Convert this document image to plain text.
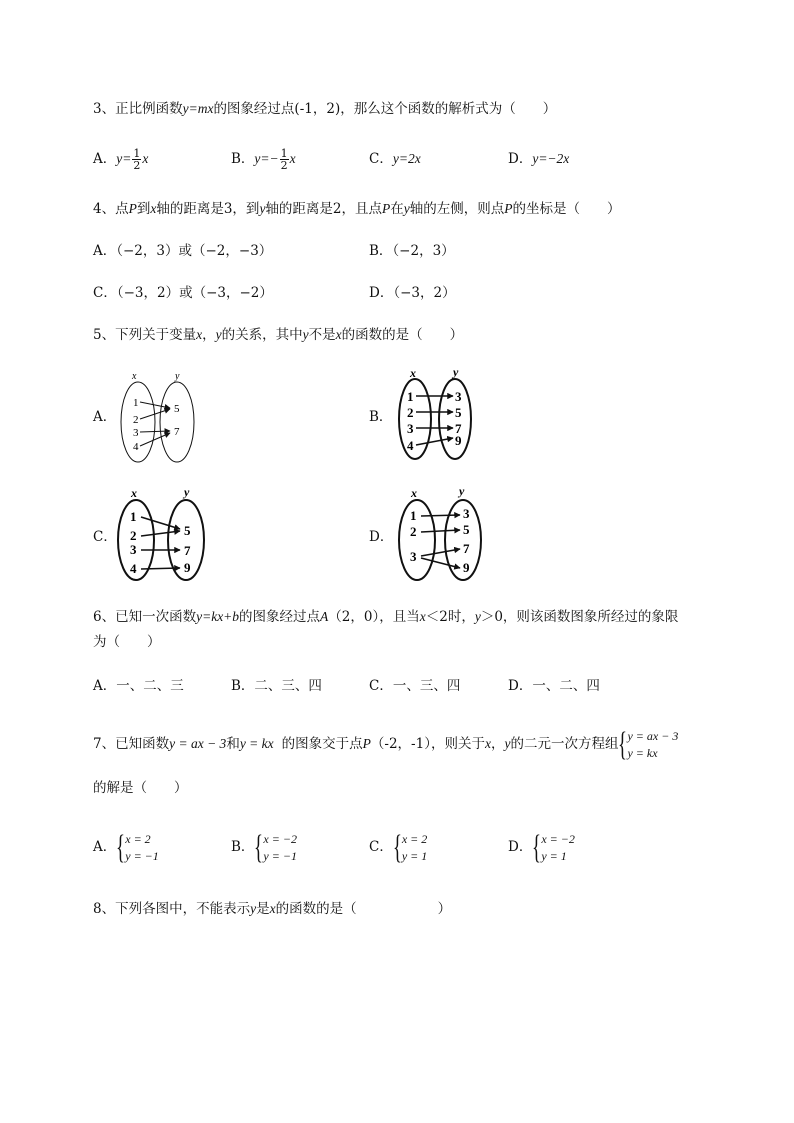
3、正比例函数y=mx的图象经过点(-1，2)，那么这个函数的解析式为（　　）
A．$y= \frac{1}{2}$ x	B．$y=- \frac{1}{2}$ x	C．y=2x	D．y=−2x
4、点P到x轴的距离是3，到y轴的距离是2，且点P在y轴的左侧，则点P的坐标是（　　）
A．（−2，3）或（−2，−3）	B．（−2，3）
C．（−3，2）或（−3，−2）	D．（−3，2）
5、下列关于变量x，y的关系，其中y不是x的函数的是（　　）
A．	B．
C．	D．
x	y
1
2
3
4
5
7
x	y
1
2
3
4
3
5
7
9
x	y
1
2
3
4
5
7
9
x	y
1
2
3
3
5
7
9
6、已知一次函数y=kx+b的图象经过点A（2，0），且当x＜2时，y＞0，则该函数图象所经过的象限
为（　　）
A．一、二、三	B．二、三、四	C．一、三、四	D．一、二、四
7、已知函数y = ax − 3和y = kx 的图象交于点P（-2，-1），则关于x，y的二元一次方程组 { y = ax − 3
y = kx
的解是（　　）
A． { x = 2
y = −1
B． { x = −2
y = −1
C． { x = 2
y = 1
D． { x = −2
y = 1
8、下列各图中，不能表示y是x的函数的是（　　　　　　）
